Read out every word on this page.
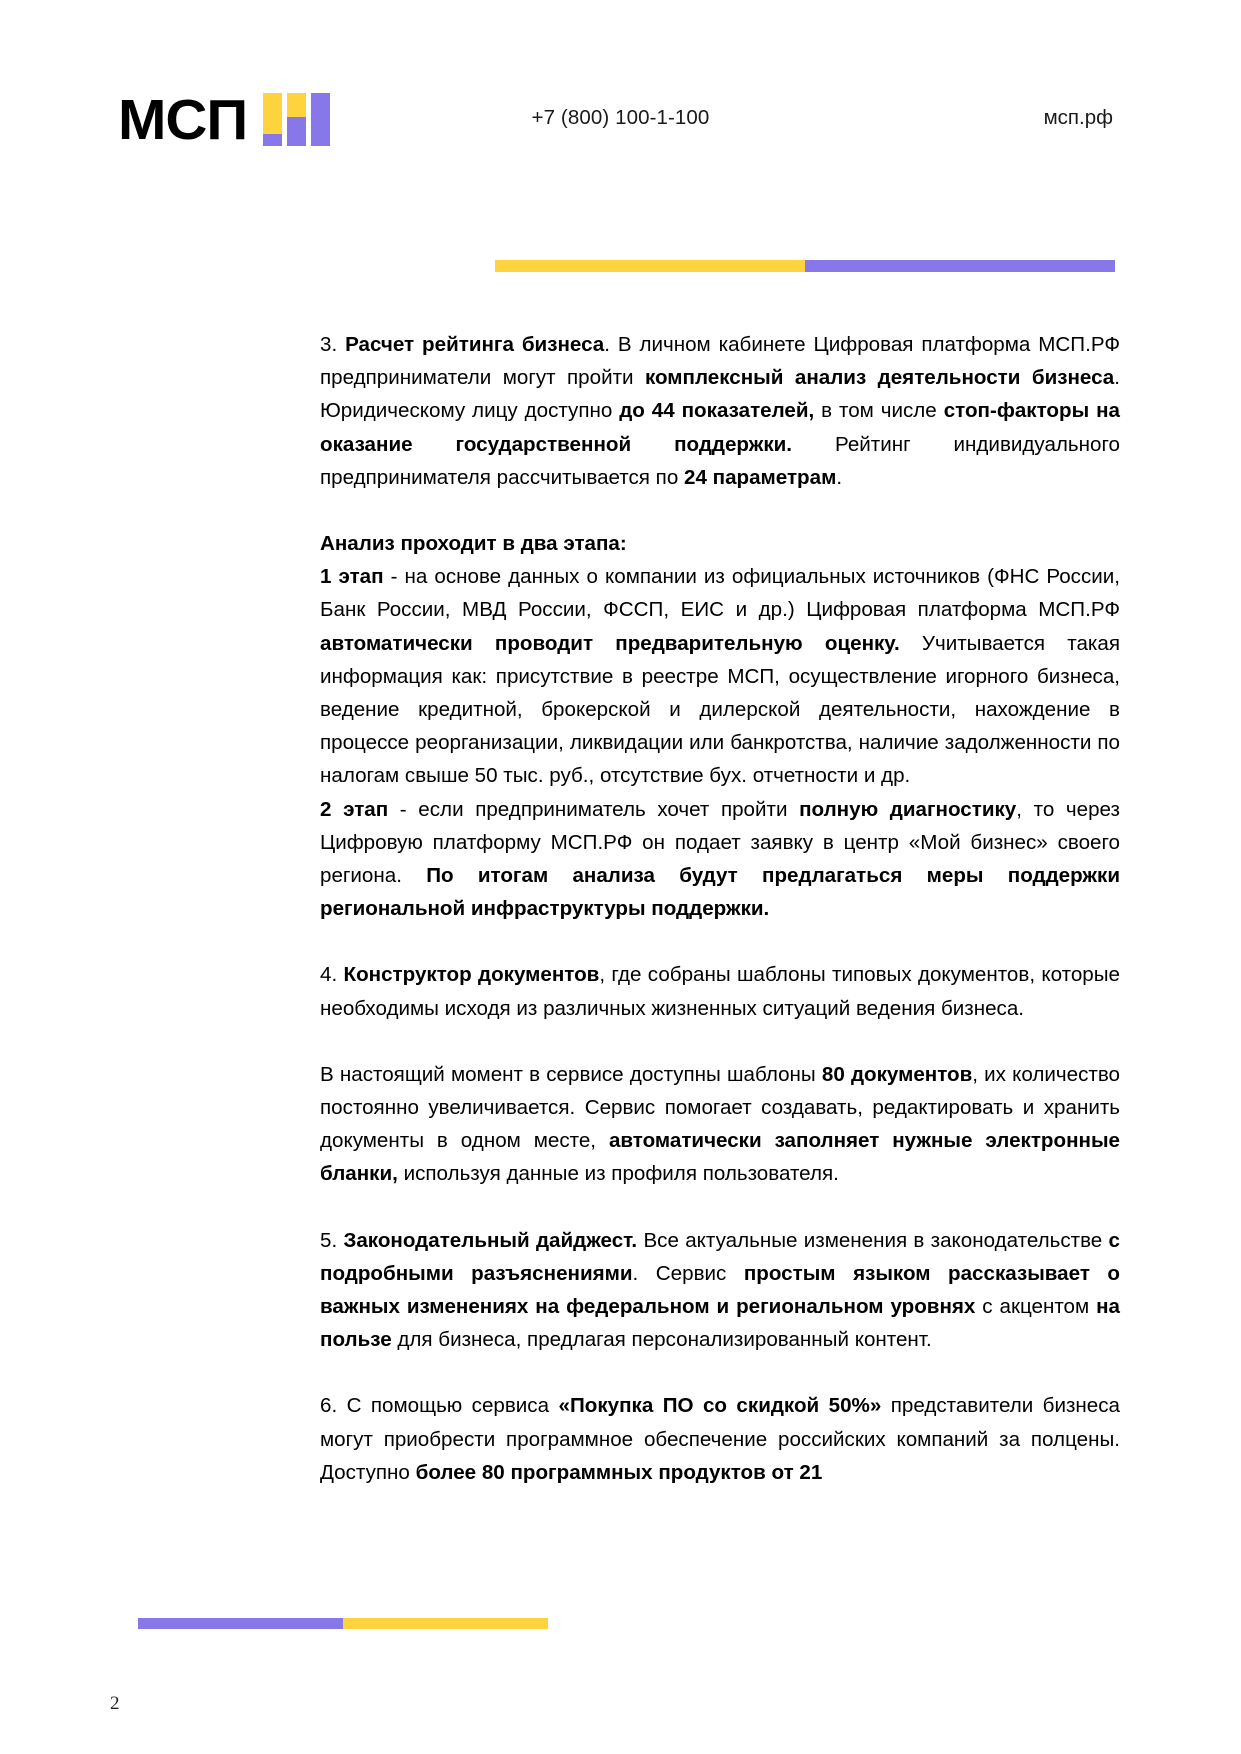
МСП	+7 (800) 100-1-100	мсп.рф

3. Расчет рейтинга бизнеса. В личном кабинете Цифровая платформа МСП.РФ предприниматели могут пройти комплексный анализ деятельности бизнеса. Юридическому лицу доступно до 44 показателей, в том числе стоп-факторы на оказание государственной поддержки. Рейтинг индивидуального предпринимателя рассчитывается по 24 параметрам.

Анализ проходит в два этапа:

1 этап - на основе данных о компании из официальных источников (ФНС России, Банк России, МВД России, ФССП, ЕИС и др.) Цифровая платформа МСП.РФ автоматически проводит предварительную оценку. Учитывается такая информация как: присутствие в реестре МСП, осуществление игорного бизнеса, ведение кредитной, брокерской и дилерской деятельности, нахождение в процессе реорганизации, ликвидации или банкротства, наличие задолженности по налогам свыше 50 тыс. руб., отсутствие бух. отчетности и др.

2 этап - если предприниматель хочет пройти полную диагностику, то через Цифровую платформу МСП.РФ он подает заявку в центр «Мой бизнес» своего региона. По итогам анализа будут предлагаться меры поддержки региональной инфраструктуры поддержки.

4. Конструктор документов, где собраны шаблоны типовых документов, которые необходимы исходя из различных жизненных ситуаций ведения бизнеса.

В настоящий момент в сервисе доступны шаблоны 80 документов, их количество постоянно увеличивается. Сервис помогает создавать, редактировать и хранить документы в одном месте, автоматически заполняет нужные электронные бланки, используя данные из профиля пользователя.

5. Законодательный дайджест. Все актуальные изменения в законодательстве с подробными разъяснениями. Сервис простым языком рассказывает о важных изменениях на федеральном и региональном уровнях с акцентом на пользе для бизнеса, предлагая персонализированный контент.

6. С помощью сервиса «Покупка ПО со скидкой 50%» представители бизнеса могут приобрести программное обеспечение российских компаний за полцены. Доступно более 80 программных продуктов от 21

2
